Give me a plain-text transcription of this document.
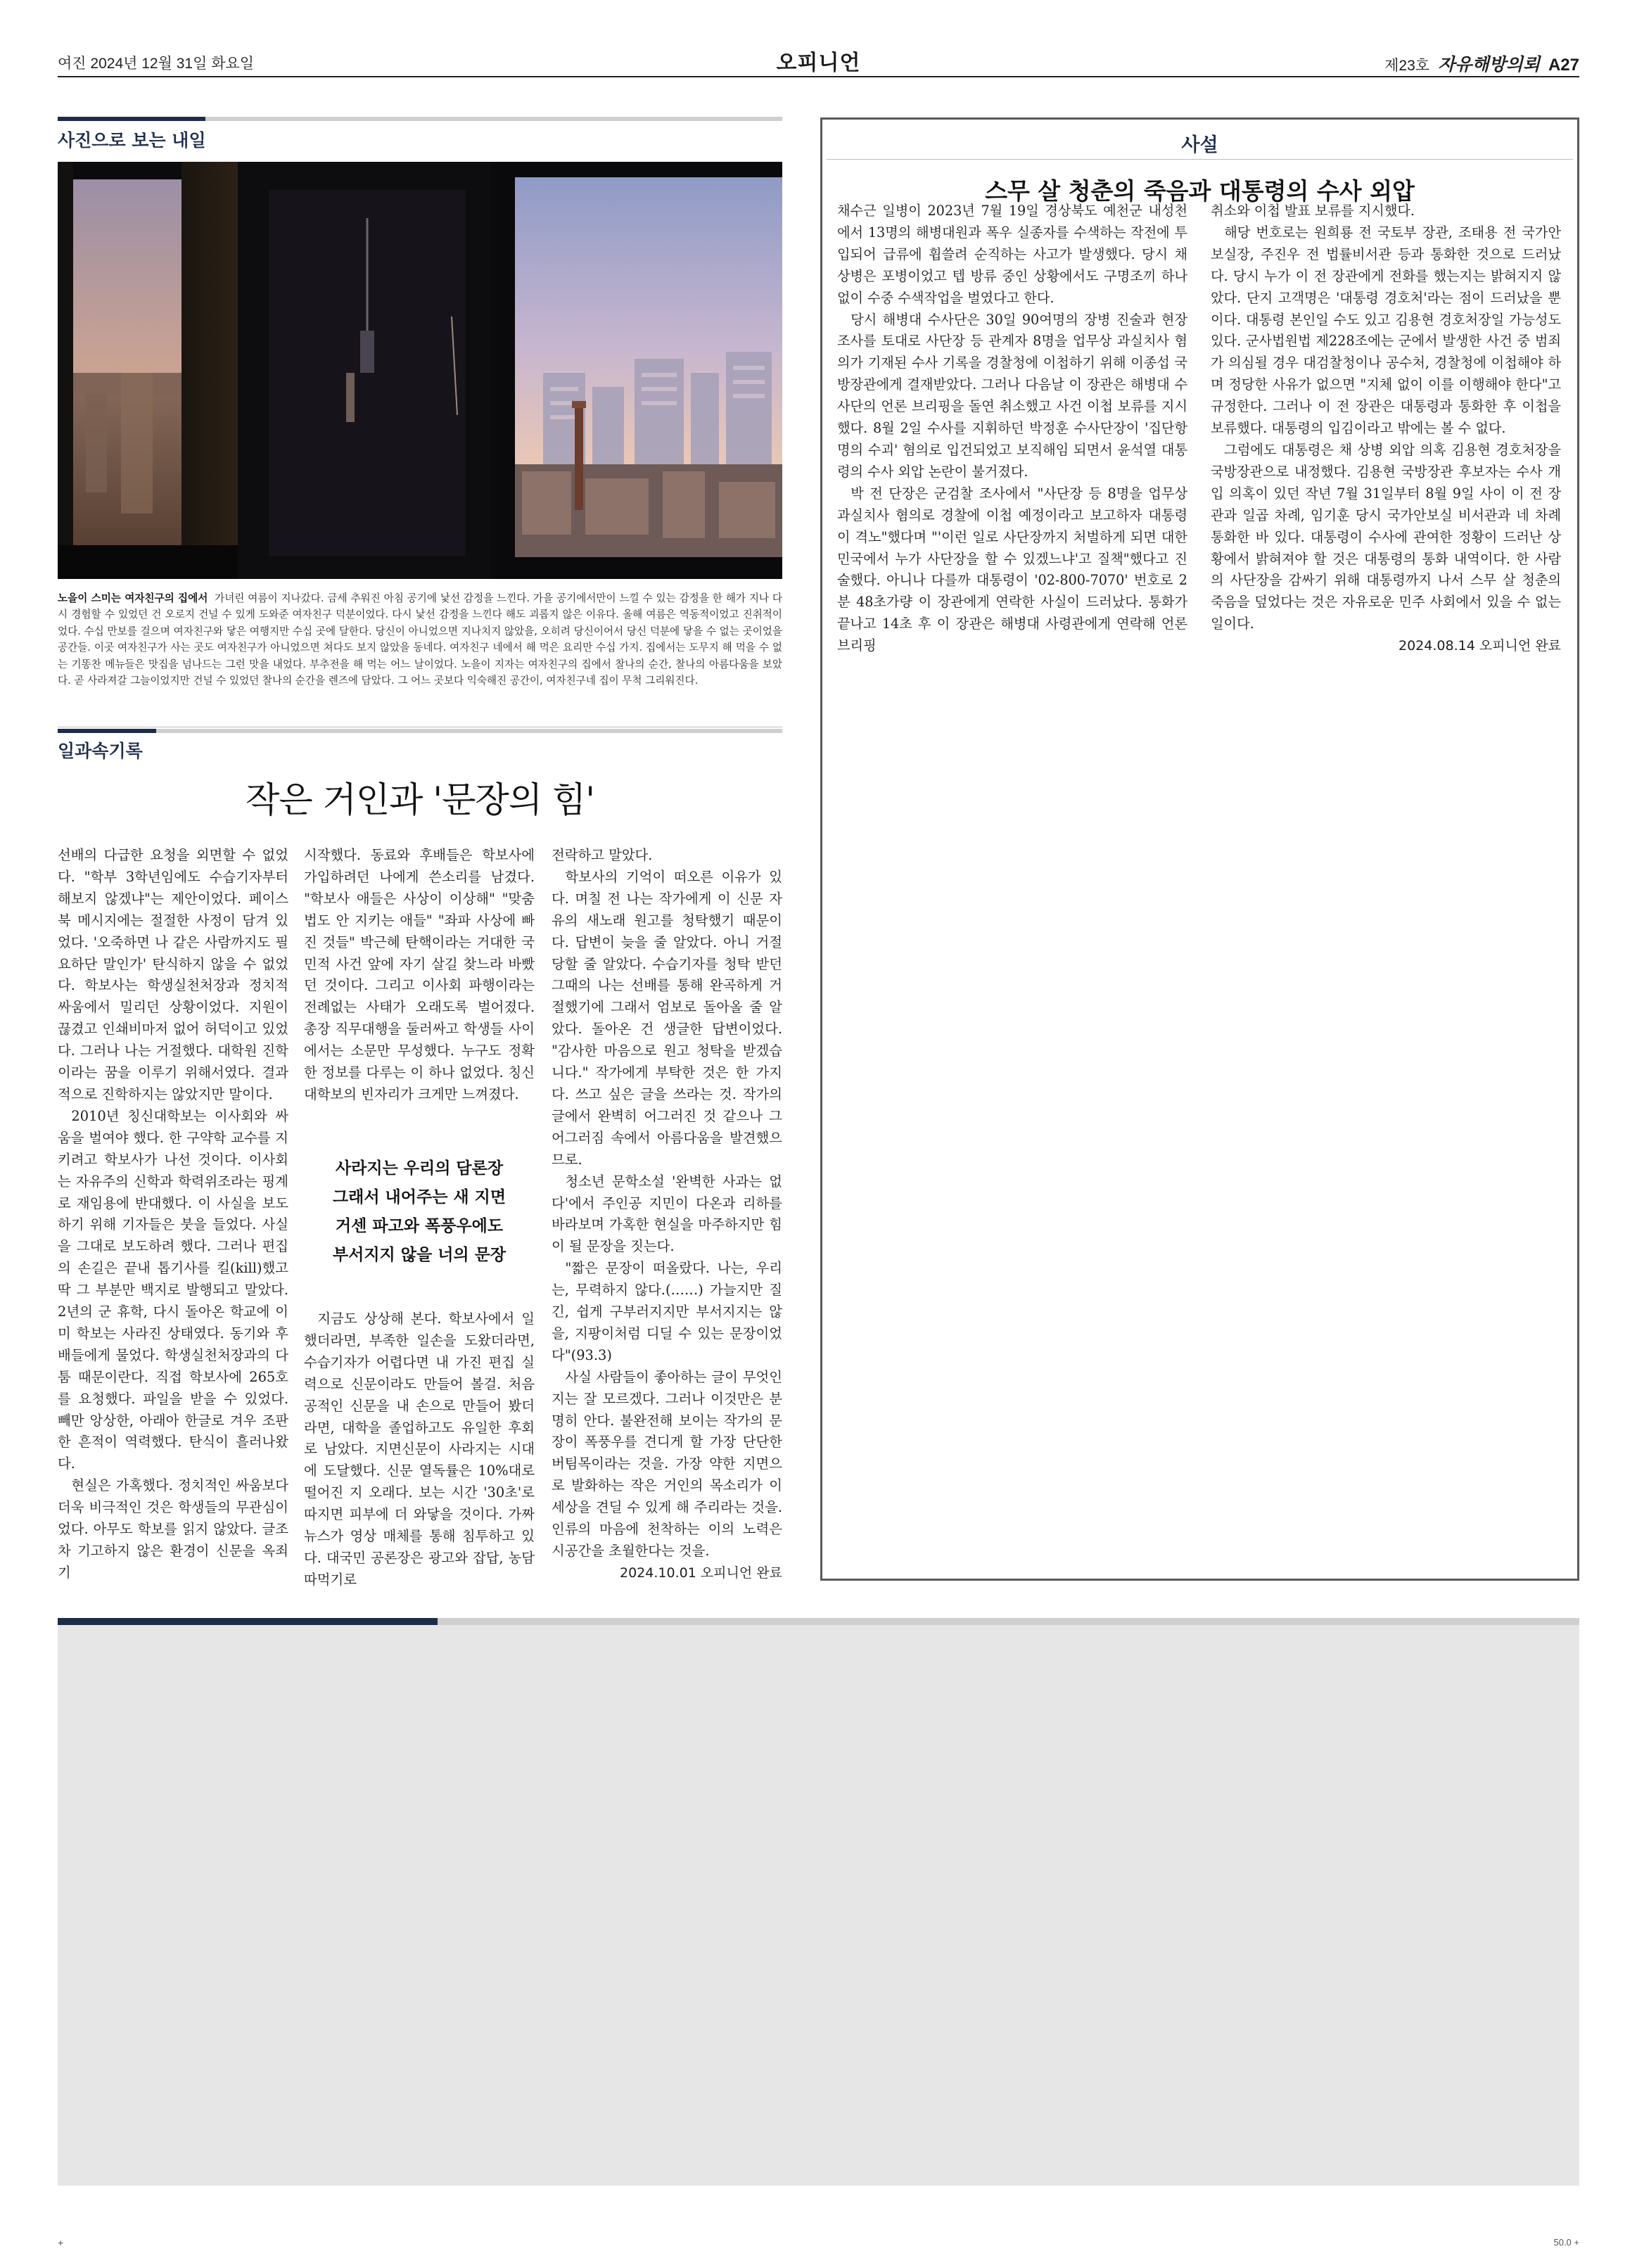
여진 2024년 12월 31일 화요일	오피니언	제23호 자유해방의뢰 A27
사진으로 보는 내일
노을이 스미는 여자친구의 집에서 가녀린 여름이 지나갔다. 금세 추워진 아침 공기에 낯선 감정을 느낀다. 가을 공기에서만이 느낄 수 있는 감정을 한 해가 지나 다시 경험할 수 있었던 건 오로지 건널 수 있게 도와준 여자친구 덕분이었다. 다시 낯선 감정을 느낀다 해도 괴롭지 않은 이유다. 올해 여름은 역동적이었고 진취적이었다. 수십 만보를 걸으며 여자친구와 닿은 여행지만 수십 곳에 달한다. 당신이 아니었으면 지나치지 않았을, 오히려 당신이어서 당신 덕분에 닿을 수 없는 곳이었을 공간들. 이곳 여자친구가 사는 곳도 여자친구가 아니었으면 쳐다도 보지 않았을 동네다. 여자친구 네에서 해 먹은 요리만 수십 가지. 집에서는 도무지 해 먹을 수 없는 기똥찬 메뉴들은 맛집을 넘나드는 그런 맛을 내었다. 부추전을 해 먹는 어느 날이었다. 노을이 지자는 여자친구의 집에서 찰나의 순간, 찰나의 아름다움을 보았다. 곧 사라져갈 그늘이었지만 건널 수 있었던 찰나의 순간을 렌즈에 담았다. 그 어느 곳보다 익숙해진 공간이, 여자친구네 집이 무척 그리워진다.
일과속기록
작은 거인과 '문장의 힘'

선배의 다급한 요청을 외면할 수 없었다. "학부 3학년임에도 수습기자부터 해보지 않겠냐"는 제안이었다. 페이스북 메시지에는 절절한 사정이 담겨 있었다. '오죽하면 나 같은 사람까지도 필요하단 말인가' 탄식하지 않을 수 없었다. 학보사는 학생실천처장과 정치적 싸움에서 밀리던 상황이었다. 지원이 끊겼고 인쇄비마저 없어 허덕이고 있었다. 그러나 나는 거절했다. 대학원 진학이라는 꿈을 이루기 위해서였다. 결과적으로 진학하지는 않았지만 말이다.

2010년 칭신대학보는 이사회와 싸움을 벌여야 했다. 한 구약학 교수를 지키려고 학보사가 나선 것이다. 이사회는 자유주의 신학과 학력위조라는 핑계로 재임용에 반대했다. 이 사실을 보도하기 위해 기자들은 붓을 들었다. 사실을 그대로 보도하려 했다. 그러나 편집의 손길은 끝내 톱기사를 킬(kill)했고 딱 그 부분만 백지로 발행되고 말았다. 2년의 군 휴학, 다시 돌아온 학교에 이미 학보는 사라진 상태였다. 동기와 후배들에게 물었다. 학생실천처장과의 다툼 때문이란다. 직접 학보사에 265호를 요청했다. 파일을 받을 수 있었다. 빼만 앙상한, 아래아 한글로 겨우 조판한 흔적이 역력했다. 탄식이 흘러나왔다.

현실은 가혹했다. 정치적인 싸움보다 더욱 비극적인 것은 학생들의 무관심이었다. 아무도 학보를 읽지 않았다. 글조차 기고하지 않은 환경이 신문을 옥죄기

시작했다. 동료와 후배들은 학보사에 가입하려던 나에게 쓴소리를 남겼다. "학보사 애들은 사상이 이상해" "맞춤법도 안 지키는 애들" "좌파 사상에 빠진 것들" 박근혜 탄핵이라는 거대한 국민적 사건 앞에 자기 살길 찾느라 바빴던 것이다. 그리고 이사회 파행이라는 전례없는 사태가 오래도록 벌어졌다. 총장 직무대행을 둘러싸고 학생들 사이에서는 소문만 무성했다. 누구도 정확한 정보를 다루는 이 하나 없었다. 칭신대학보의 빈자리가 크게만 느껴졌다.

사라지는 우리의 담론장
그래서 내어주는 새 지면
거센 파고와 폭풍우에도
부서지지 않을 너의 문장

지금도 상상해 본다. 학보사에서 일했더라면, 부족한 일손을 도왔더라면, 수습기자가 어렵다면 내 가진 편집 실력으로 신문이라도 만들어 볼걸. 처음 공적인 신문을 내 손으로 만들어 봤더라면, 대학을 졸업하고도 유일한 후회로 남았다. 지면신문이 사라지는 시대에 도달했다. 신문 열독률은 10%대로 떨어진 지 오래다. 보는 시간 '30초'로 따지면 피부에 더 와닿을 것이다. 가짜 뉴스가 영상 매체를 통해 침투하고 있다. 대국민 공론장은 광고와 잡답, 농담 따먹기로

전락하고 말았다.

학보사의 기억이 떠오른 이유가 있다. 며칠 전 나는 작가에게 이 신문 자유의 새노래 원고를 청탁했기 때문이다. 답변이 늦을 줄 알았다. 아니 거절당할 줄 알았다. 수습기자를 청탁 받던 그때의 나는 선배를 통해 완곡하게 거절했기에 그래서 엄보로 돌아올 줄 알았다. 돌아온 건 생글한 답변이었다. "감사한 마음으로 원고 청탁을 받겠습니다." 작가에게 부탁한 것은 한 가지다. 쓰고 싶은 글을 쓰라는 것. 작가의 글에서 완벽히 어그러진 것 같으나 그 어그러짐 속에서 아름다움을 발견했으므로.

청소년 문학소설 '완벽한 사과는 없다'에서 주인공 지민이 다온과 리하를 바라보며 가혹한 현실을 마주하지만 힘이 될 문장을 짓는다.

"짧은 문장이 떠올랐다. 나는, 우리는, 무력하지 않다.(……) 가늘지만 질긴, 쉽게 구부러지지만 부서지지는 않을, 지팡이처럼 디딜 수 있는 문장이었다"(93.3)

사실 사람들이 좋아하는 글이 무엇인지는 잘 모르겠다. 그러나 이것만은 분명히 안다. 불완전해 보이는 작가의 문장이 폭풍우를 견디게 할 가장 단단한 버팀목이라는 것을. 가장 약한 지면으로 발화하는 작은 거인의 목소리가 이 세상을 견딜 수 있게 해 주리라는 것을. 인류의 마음에 천착하는 이의 노력은 시공간을 초월한다는 것을.

2024.10.01 오피니언 완료

사설
스무 살 청춘의 죽음과 대통령의 수사 외압

채수근 일병이 2023년 7월 19일 경상북도 예천군 내성천에서 13명의 해병대원과 폭우 실종자를 수색하는 작전에 투입되어 급류에 휩쓸려 순직하는 사고가 발생했다. 당시 채 상병은 포병이었고 텝 방류 중인 상황에서도 구명조끼 하나 없이 수중 수색작업을 벌였다고 한다.

당시 해병대 수사단은 30일 90여명의 장병 진술과 현장조사를 토대로 사단장 등 관계자 8명을 업무상 과실치사 혐의가 기재된 수사 기록을 경찰청에 이첩하기 위해 이종섭 국방장관에게 결재받았다. 그러나 다음날 이 장관은 해병대 수사단의 언론 브리핑을 돌연 취소했고 사건 이첩 보류를 지시했다. 8월 2일 수사를 지휘하던 박정훈 수사단장이 '집단항명의 수괴' 혐의로 입건되었고 보직해임 되면서 윤석열 대통령의 수사 외압 논란이 불거졌다.

박 전 단장은 군검찰 조사에서 "사단장 등 8명을 업무상 과실치사 혐의로 경찰에 이첩 예정이라고 보고하자 대통령이 격노"했다며 "'이런 일로 사단장까지 처벌하게 되면 대한민국에서 누가 사단장을 할 수 있겠느냐'고 질책"했다고 진술했다. 아니나 다를까 대통령이 '02-800-7070' 번호로 2분 48초가량 이 장관에게 연락한 사실이 드러났다. 통화가 끝나고 14초 후 이 장관은 해병대 사령관에게 연락해 언론 브리핑

취소와 이첩 발표 보류를 지시했다.

해당 번호로는 원희룡 전 국토부 장관, 조태용 전 국가안보실장, 주진우 전 법률비서관 등과 통화한 것으로 드러났다. 당시 누가 이 전 장관에게 전화를 했는지는 밝혀지지 않았다. 단지 고객명은 '대통령 경호처'라는 점이 드러났을 뿐이다. 대통령 본인일 수도 있고 김용현 경호처장일 가능성도 있다. 군사법원법 제228조에는 군에서 발생한 사건 중 범죄가 의심될 경우 대검찰청이나 공수처, 경찰청에 이첩해야 하며 정당한 사유가 없으면 "지체 없이 이를 이행해야 한다"고 규정한다. 그러나 이 전 장관은 대통령과 통화한 후 이첩을 보류했다. 대통령의 입김이라고 밖에는 볼 수 없다.

그럼에도 대통령은 채 상병 외압 의혹 김용현 경호처장을 국방장관으로 내정했다. 김용현 국방장관 후보자는 수사 개입 의혹이 있던 작년 7월 31일부터 8월 9일 사이 이 전 장관과 일곱 차례, 임기훈 당시 국가안보실 비서관과 네 차례 통화한 바 있다. 대통령이 수사에 관여한 정황이 드러난 상황에서 밝혀져야 할 것은 대통령의 통화 내역이다. 한 사람의 사단장을 감싸기 위해 대통령까지 나서 스무 살 청춘의 죽음을 덮었다는 것은 자유로운 민주 사회에서 있을 수 없는 일이다.

2024.08.14 오피니언 완료

+	50.0 +
